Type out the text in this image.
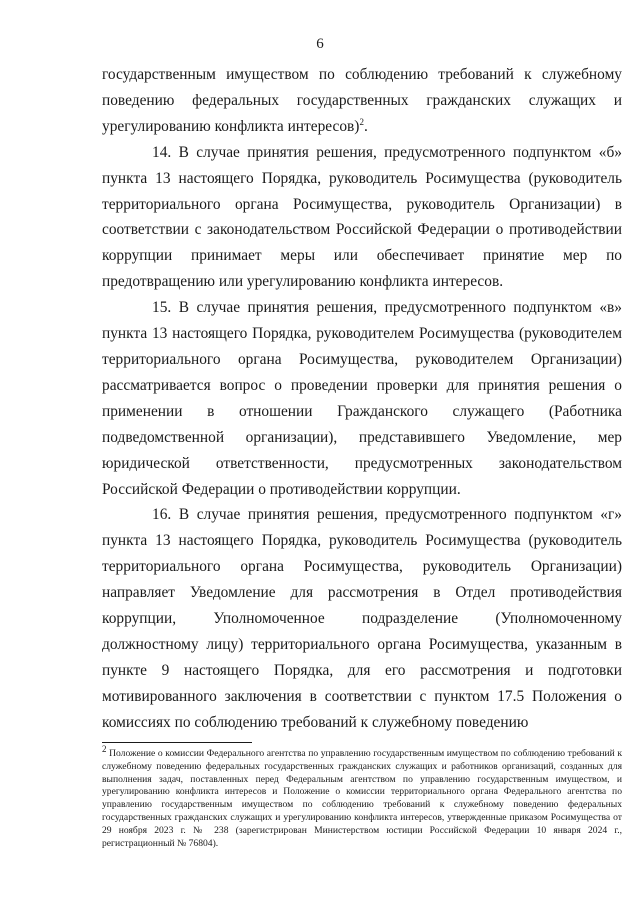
6

государственным имуществом по соблюдению требований к служебному поведению федеральных государственных гражданских служащих и урегулированию конфликта интересов)$^2$.

14. В случае принятия решения, предусмотренного подпунктом «б» пункта 13 настоящего Порядка, руководитель Росимущества (руководитель территориального органа Росимущества, руководитель Организации) в соответствии с законодательством Российской Федерации о противодействии коррупции принимает меры или обеспечивает принятие мер по предотвращению или урегулированию конфликта интересов.

15. В случае принятия решения, предусмотренного подпунктом «в» пункта 13 настоящего Порядка, руководителем Росимущества (руководителем территориального органа Росимущества, руководителем Организации) рассматривается вопрос о проведении проверки для принятия решения о применении в отношении Гражданского служащего (Работника подведомственной организации), представившего Уведомление, мер юридической ответственности, предусмотренных законодательством Российской Федерации о противодействии коррупции.

16. В случае принятия решения, предусмотренного подпунктом «г» пункта 13 настоящего Порядка, руководитель Росимущества (руководитель территориального органа Росимущества, руководитель Организации) направляет Уведомление для рассмотрения в Отдел противодействия коррупции, Уполномоченное подразделение (Уполномоченному должностному лицу) территориального органа Росимущества, указанным в пункте 9 настоящего Порядка, для его рассмотрения и подготовки мотивированного заключения в соответствии с пунктом 17.5 Положения о комиссиях по соблюдению требований к служебному поведению

$^2$ Положение о комиссии Федерального агентства по управлению государственным имуществом по соблюдению требований к служебному поведению федеральных государственных гражданских служащих и работников организаций, созданных для выполнения задач, поставленных перед Федеральным агентством по управлению государственным имуществом, и урегулированию конфликта интересов и Положение о комиссии территориального органа Федерального агентства по управлению государственным имуществом по соблюдению требований к служебному поведению федеральных государственных гражданских служащих и урегулированию конфликта интересов, утвержденные приказом Росимущества от 29 ноября 2023 г. № 238 (зарегистрирован Министерством юстиции Российской Федерации 10 января 2024 г., регистрационный № 76804).
